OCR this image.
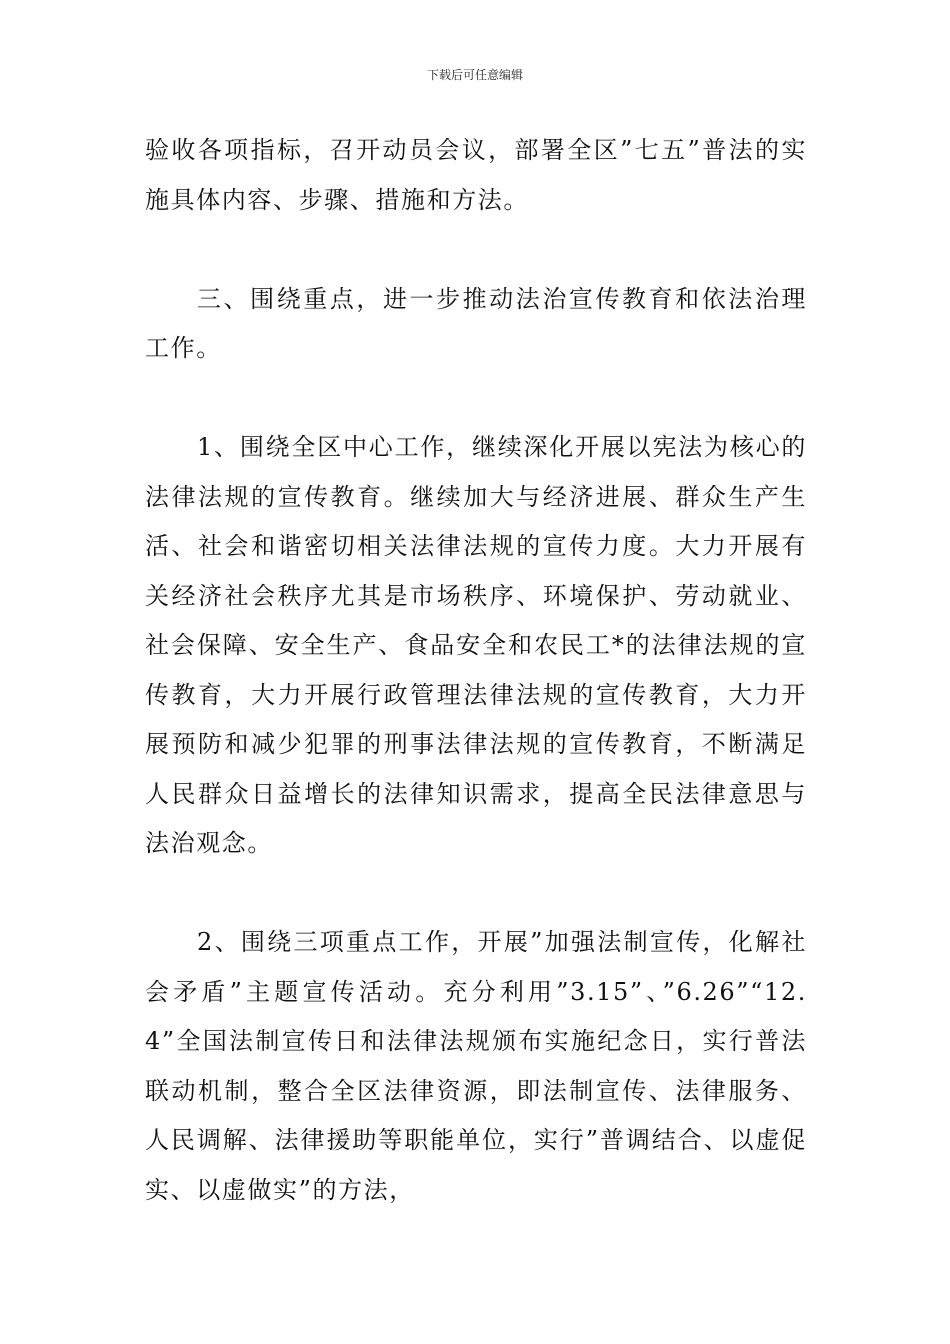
下载后可任意编辑

验收各项指标，召开动员会议，部署全区”七五”普法的实施具体内容、步骤、措施和方法。

三、围绕重点，进一步推动法治宣传教育和依法治理工作。

1、围绕全区中心工作，继续深化开展以宪法为核心的法律法规的宣传教育。继续加大与经济进展、群众生产生活、社会和谐密切相关法律法规的宣传力度。大力开展有关经济社会秩序尤其是市场秩序、环境保护、劳动就业、社会保障、安全生产、食品安全和农民工*的法律法规的宣传教育，大力开展行政管理法律法规的宣传教育，大力开展预防和减少犯罪的刑事法律法规的宣传教育，不断满足人民群众日益增长的法律知识需求，提高全民法律意思与法治观念。

2、围绕三项重点工作，开展”加强法制宣传，化解社会矛盾”主题宣传活动。充分利用”3.15”、”6.26”“12.4”全国法制宣传日和法律法规颁布实施纪念日，实行普法联动机制，整合全区法律资源，即法制宣传、法律服务、人民调解、法律援助等职能单位，实行”普调结合、以虚促实、以虚做实”的方法，
